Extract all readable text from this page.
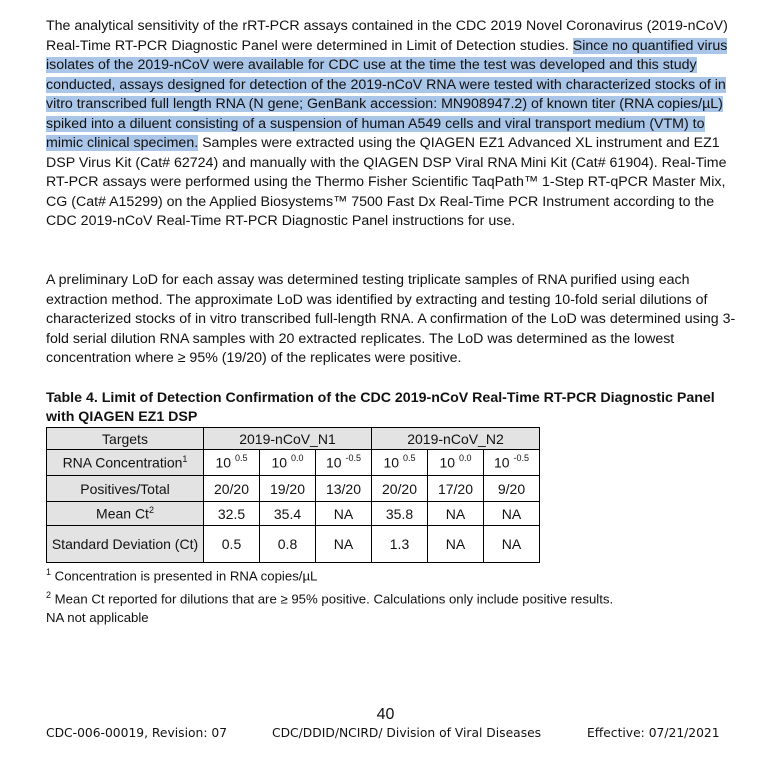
The analytical sensitivity of the rRT-PCR assays contained in the CDC 2019 Novel Coronavirus (2019-nCoV) Real-Time RT-PCR Diagnostic Panel were determined in Limit of Detection studies. Since no quantified virus isolates of the 2019-nCoV were available for CDC use at the time the test was developed and this study conducted, assays designed for detection of the 2019-nCoV RNA were tested with characterized stocks of in vitro transcribed full length RNA (N gene; GenBank accession: MN908947.2) of known titer (RNA copies/µL) spiked into a diluent consisting of a suspension of human A549 cells and viral transport medium (VTM) to mimic clinical specimen. Samples were extracted using the QIAGEN EZ1 Advanced XL instrument and EZ1 DSP Virus Kit (Cat# 62724) and manually with the QIAGEN DSP Viral RNA Mini Kit (Cat# 61904). Real-Time RT-PCR assays were performed using the Thermo Fisher Scientific TaqPath™ 1-Step RT-qPCR Master Mix, CG (Cat# A15299) on the Applied Biosystems™ 7500 Fast Dx Real-Time PCR Instrument according to the CDC 2019-nCoV Real-Time RT-PCR Diagnostic Panel instructions for use.

A preliminary LoD for each assay was determined testing triplicate samples of RNA purified using each extraction method. The approximate LoD was identified by extracting and testing 10-fold serial dilutions of characterized stocks of in vitro transcribed full-length RNA. A confirmation of the LoD was determined using 3-fold serial dilution RNA samples with 20 extracted replicates. The LoD was determined as the lowest concentration where ≥ 95% (19/20) of the replicates were positive.

Table 4. Limit of Detection Confirmation of the CDC 2019-nCoV Real-Time RT-PCR Diagnostic Panel with QIAGEN EZ1 DSP

Targets	2019-nCoV_N1			2019-nCoV_N2		
RNA Concentration$^1$	10 $^{0.5}$	10 $^{0.0}$	10 $^{-0.5}$	10 $^{0.5}$	10 $^{0.0}$	10 $^{-0.5}$
Positives/Total	20/20	19/20	13/20	20/20	17/20	9/20
Mean Ct$^2$	32.5	35.4	NA	35.8	NA	NA
Standard Deviation (Ct)	0.5	0.8	NA	1.3	NA	NA
$^1$ Concentration is presented in RNA copies/µL
$^2$ Mean Ct reported for dilutions that are ≥ 95% positive. Calculations only include positive results.
NA not applicable
40
CDC-006-00019, Revision: 07	CDC/DDID/NCIRD/ Division of Viral Diseases	Effective: 07/21/2021
